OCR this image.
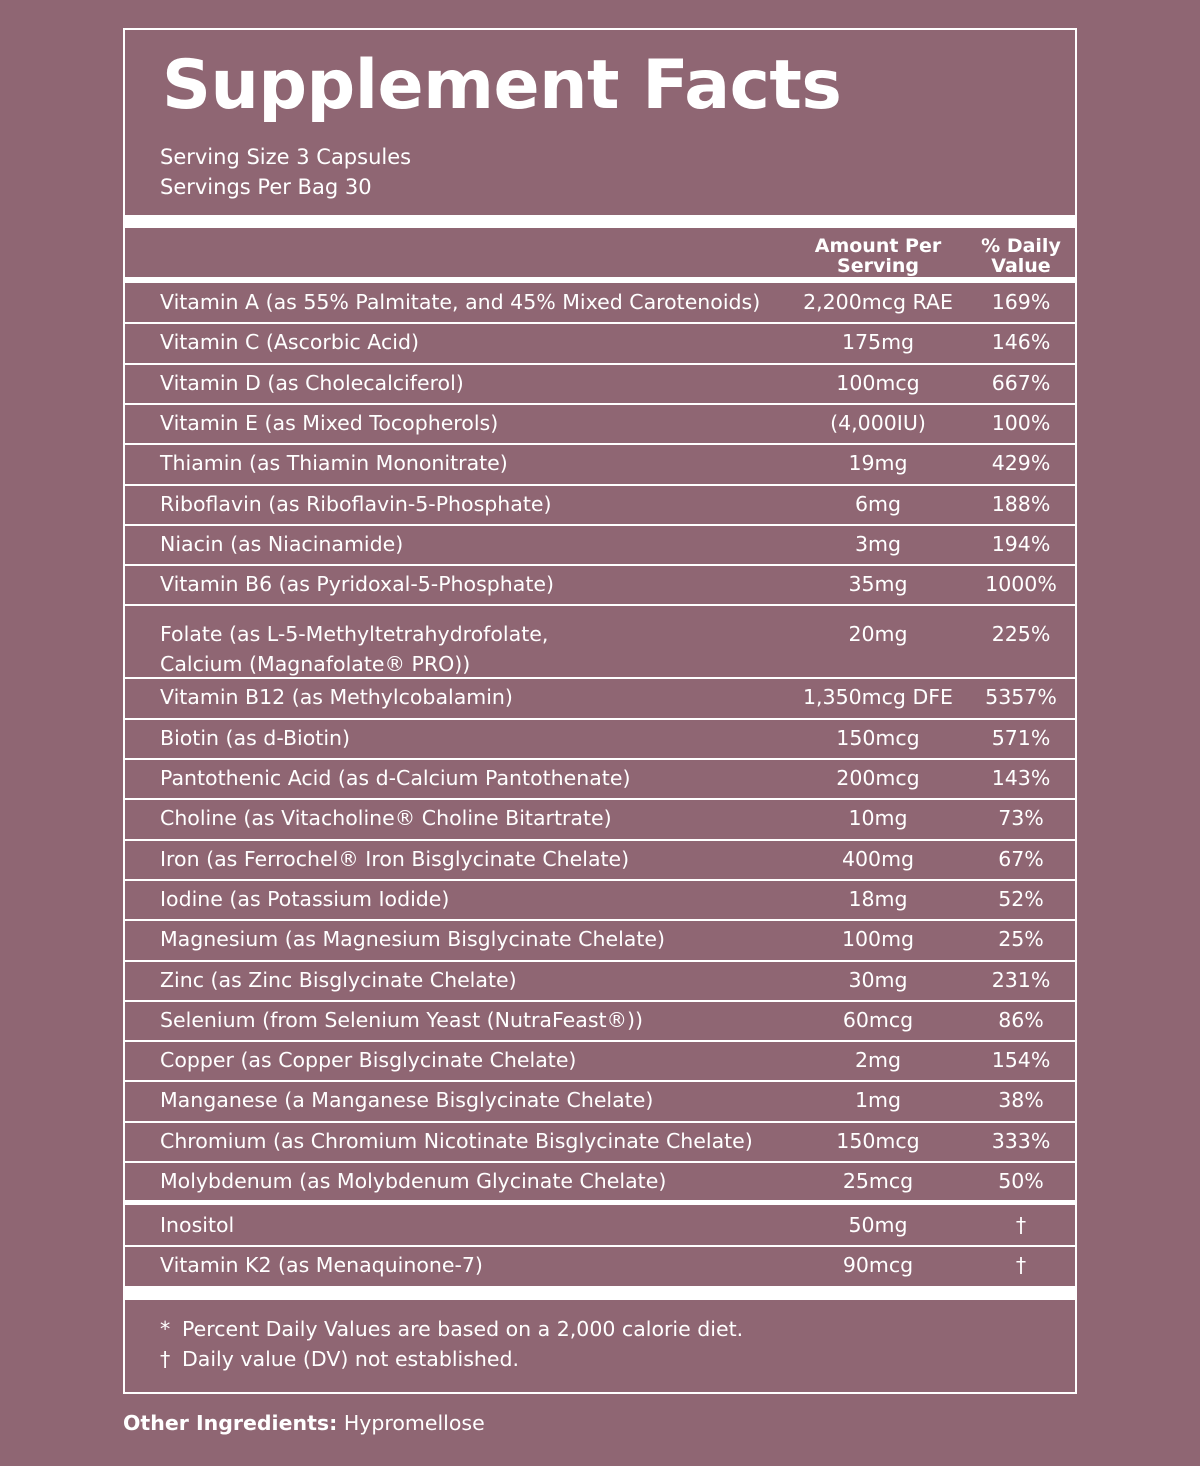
Supplement Facts
Serving Size 3 Capsules
Servings Per Bag 30
Amount Per
Serving
% Daily
Value
Vitamin A (as 55% Palmitate, and 45% Mixed Carotenoids)	2,200mcg RAE	169%
Vitamin C (Ascorbic Acid)	175mg	146%
Vitamin D (as Cholecalciferol)	100mcg	667%
Vitamin E (as Mixed Tocopherols)	(4,000IU)	100%
Thiamin (as Thiamin Mononitrate)	19mg	429%
Riboflavin (as Riboflavin-5-Phosphate)	6mg	188%
Niacin (as Niacinamide)	3mg	194%
Vitamin B6 (as Pyridoxal-5-Phosphate)	35mg	1000%
Folate (as L-5-Methyltetrahydrofolate,
Calcium (Magnafolate® PRO))
20mg	225%
Vitamin B12 (as Methylcobalamin)	1,350mcg DFE	5357%
Biotin (as d-Biotin)	150mcg	571%
Pantothenic Acid (as d-Calcium Pantothenate)	200mcg	143%
Choline (as Vitacholine® Choline Bitartrate)	10mg	73%
Iron (as Ferrochel® Iron Bisglycinate Chelate)	400mg	67%
Iodine (as Potassium Iodide)	18mg	52%
Magnesium (as Magnesium Bisglycinate Chelate)	100mg	25%
Zinc (as Zinc Bisglycinate Chelate)	30mg	231%
Selenium (from Selenium Yeast (NutraFeast®))	60mcg	86%
Copper (as Copper Bisglycinate Chelate)	2mg	154%
Manganese (a Manganese Bisglycinate Chelate)	1mg	38%
Chromium (as Chromium Nicotinate Bisglycinate Chelate)	150mcg	333%
Molybdenum (as Molybdenum Glycinate Chelate)	25mcg	50%
Inositol	50mg	†
Vitamin K2 (as Menaquinone-7)	90mcg	†
* Percent Daily Values are based on a 2,000 calorie diet.
† Daily value (DV) not established.
Other Ingredients: Hypromellose
